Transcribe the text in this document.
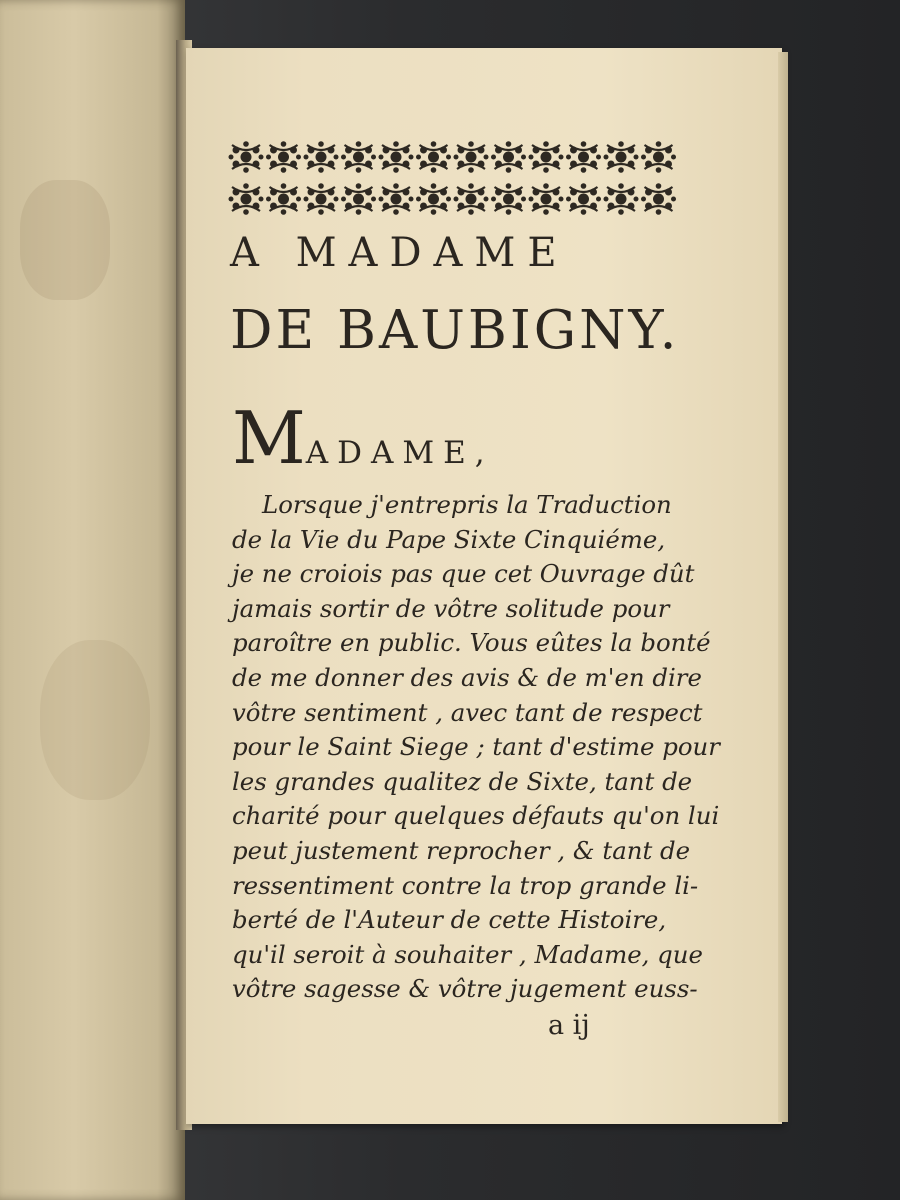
A MADAME
DE BAUBIGNY.
MADAME,
Lorsque j'entrepris la Traduction
de la Vie du Pape Sixte Cinquiéme,
je ne croiois pas que cet Ouvrage dût
jamais sortir de vôtre solitude pour
paroître en public. Vous eûtes la bonté
de me donner des avis & de m'en dire
vôtre sentiment , avec tant de respect
pour le Saint Siege ; tant d'estime pour
les grandes qualitez de Sixte, tant de
charité pour quelques défauts qu'on lui
peut justement reprocher , & tant de
ressentiment contre la trop grande li-
berté de l'Auteur de cette Histoire,
qu'il seroit à souhaiter , Madame, que
vôtre sagesse & vôtre jugement euss-
a ij
